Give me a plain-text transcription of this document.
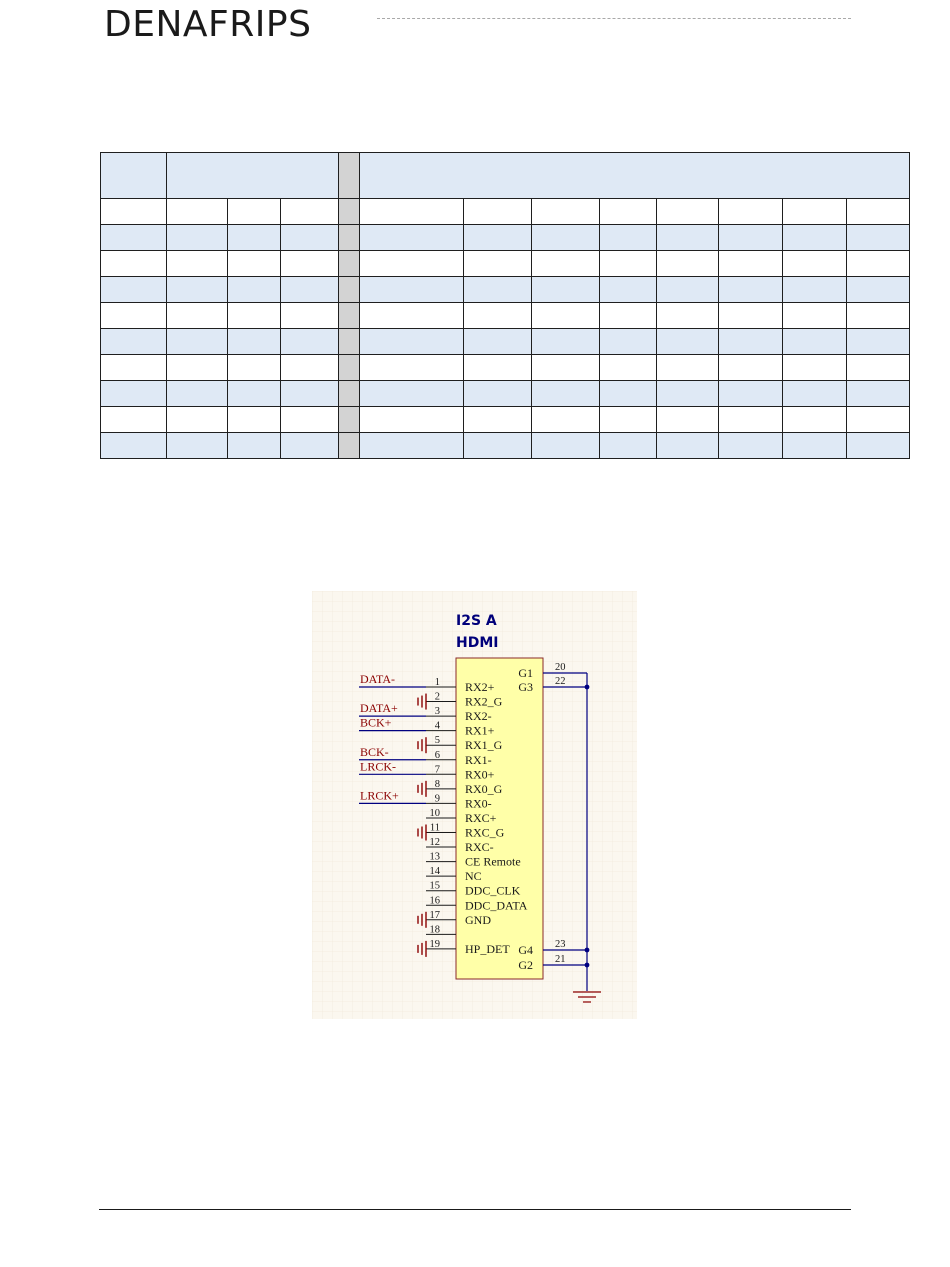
DENAFRIPS

I2S A
HDMI
1 RX2+
DATA-
2 RX2_G
3 RX2-
DATA+
4 RX1+
BCK+
5 RX1_G
6 RX1-
BCK-
7 RX0+
LRCK-
8 RX0_G
9 RX0-
LRCK+
10 RXC+
11 RXC_G
12 RXC-
13 CE Remote
14 NC
15 DDC_CLK
16 DDC_DATA
17 GND
18
19 HP_DET
20
G1
22
G3
23
G4
21
G2
